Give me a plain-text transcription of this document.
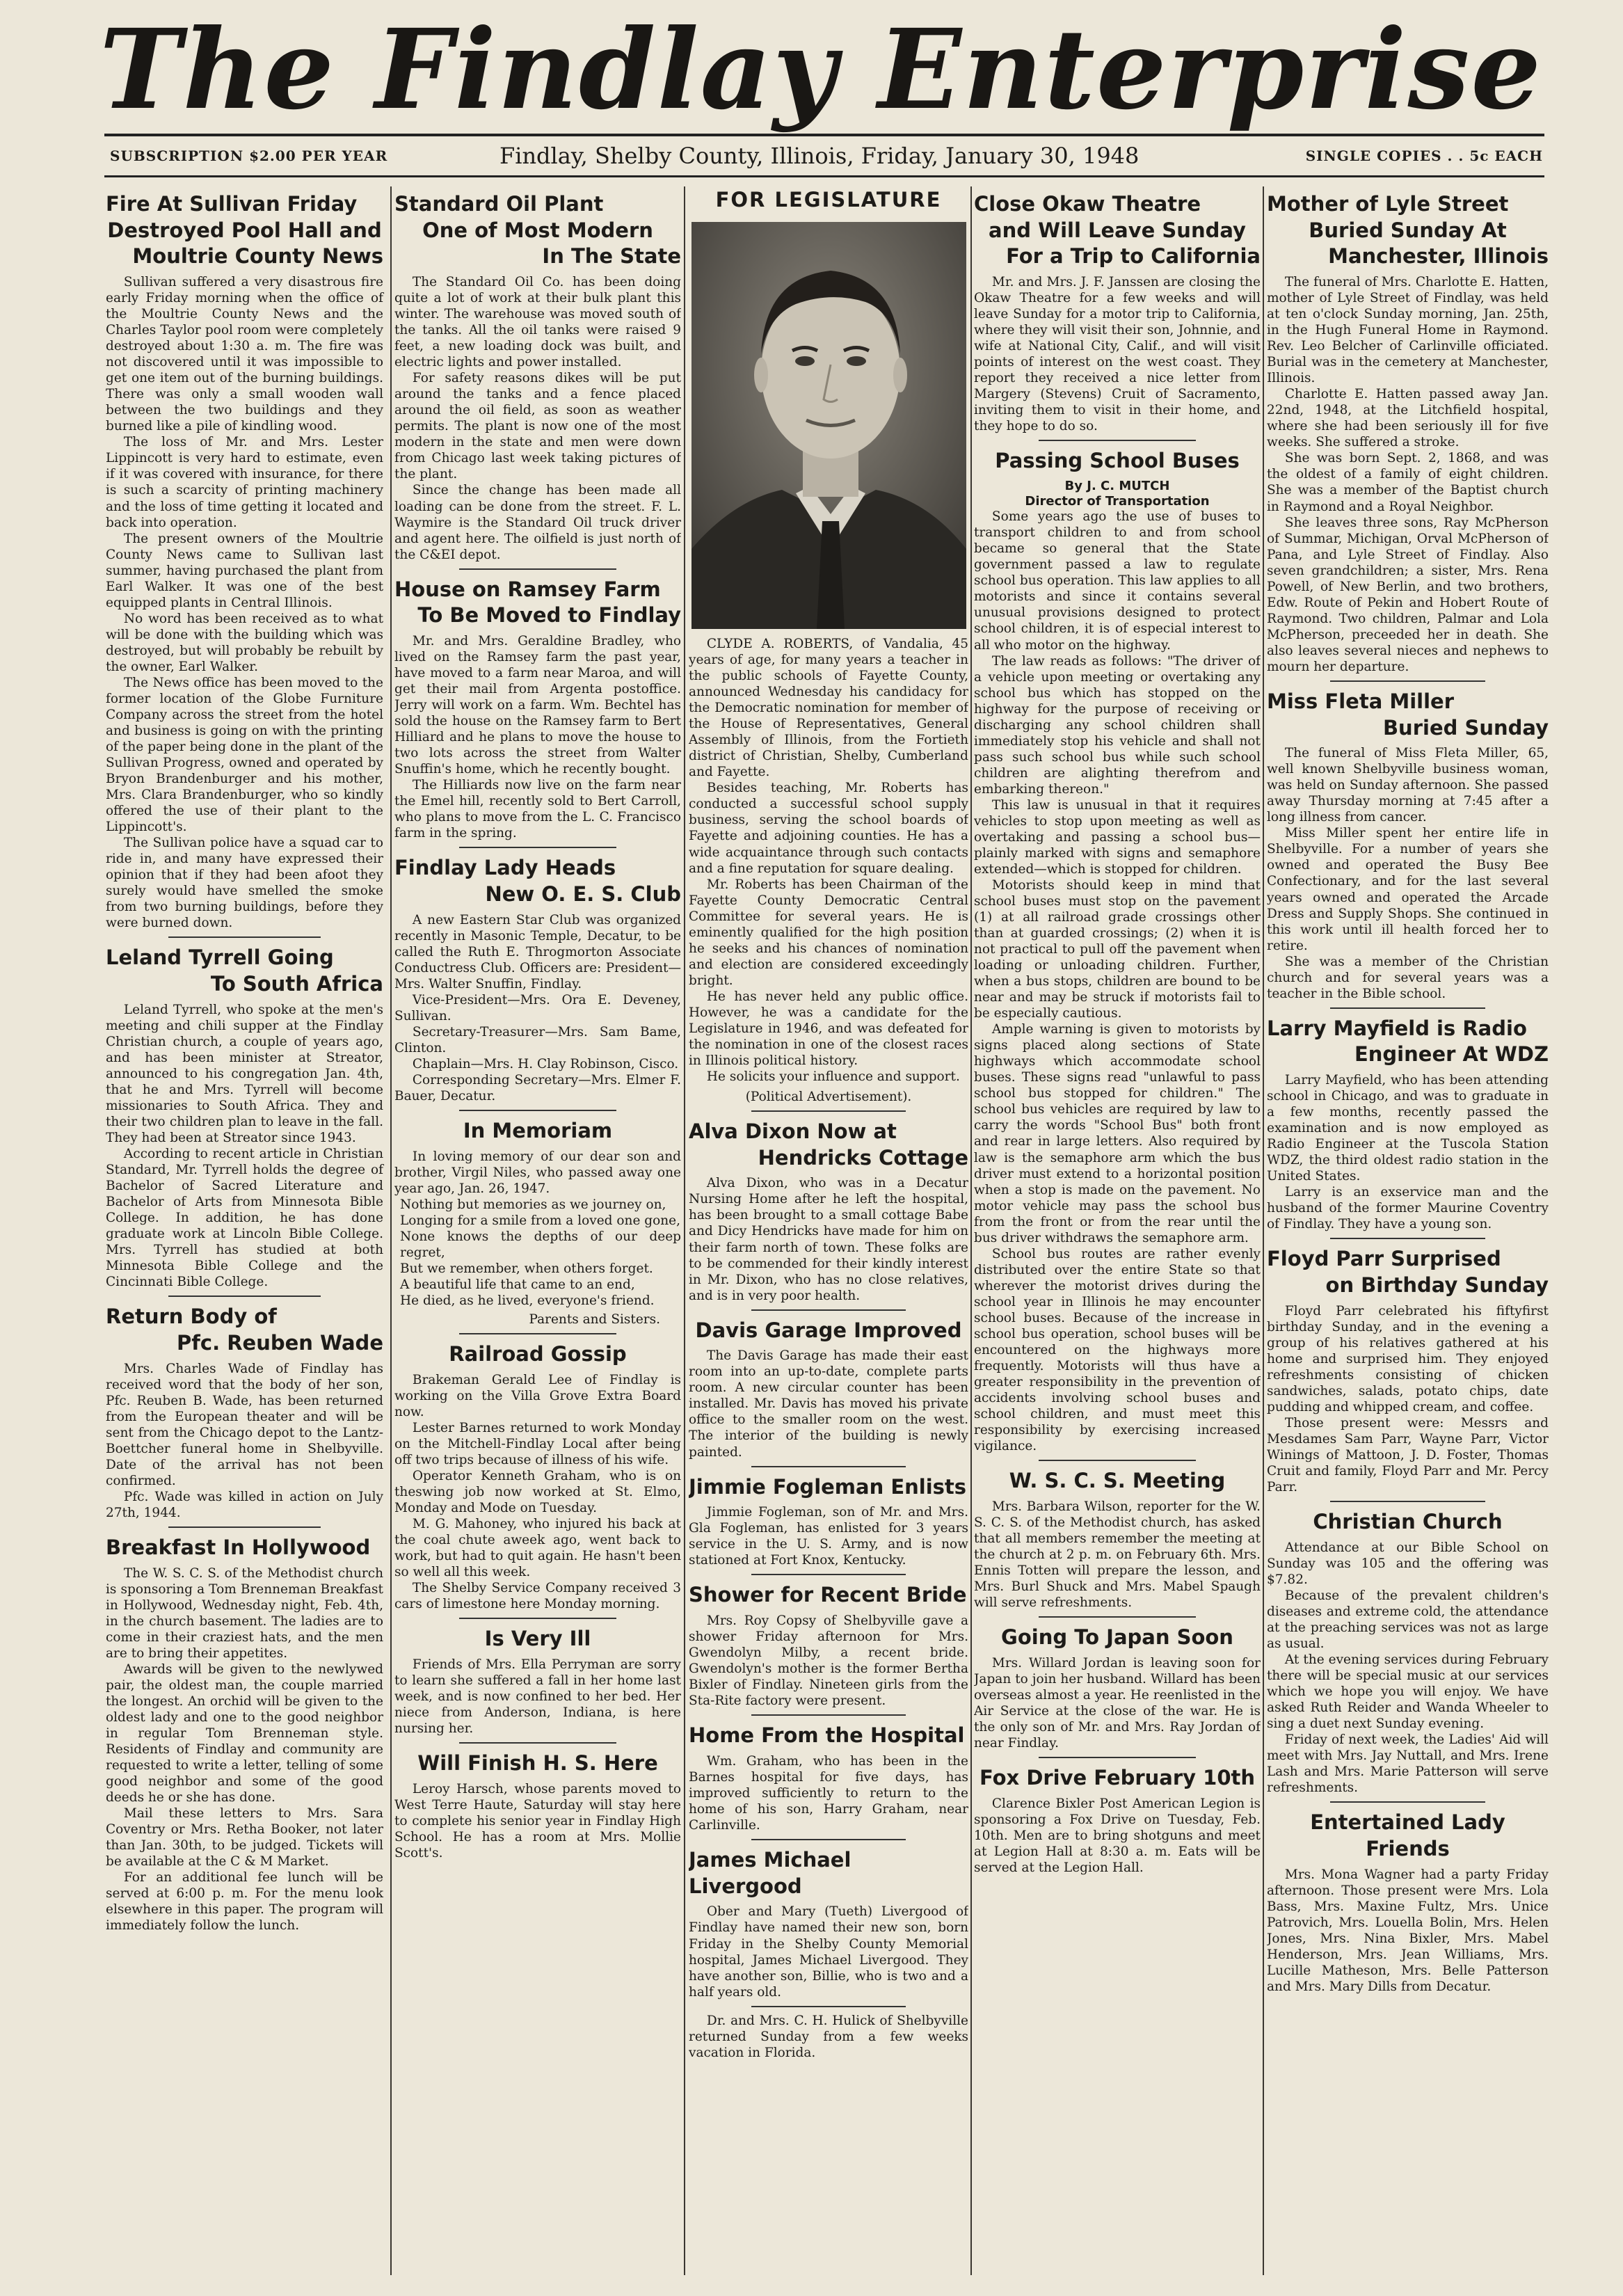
The Findlay Enterprise
SUBSCRIPTION $2.00 PER YEAR	Findlay, Shelby County, Illinois, Friday, January 30, 1948	SINGLE COPIES . . 5c EACH
Fire At Sullivan Friday
Destroyed Pool Hall and
Moultrie County News

Sullivan suffered a very disastrous fire early Friday morning when the office of the Moultrie County News and the Charles Taylor pool room were completely destroyed about 1:30 a. m. The fire was not discovered until it was impossible to get one item out of the burning buildings. There was only a small wooden wall between the two buildings and they burned like a pile of kindling wood.

The loss of Mr. and Mrs. Lester Lippincott is very hard to estimate, even if it was covered with insurance, for there is such a scarcity of printing machinery and the loss of time getting it located and back into operation.

The present owners of the Moultrie County News came to Sullivan last summer, having purchased the plant from Earl Walker. It was one of the best equipped plants in Central Illinois.

No word has been received as to what will be done with the building which was destroyed, but will probably be rebuilt by the owner, Earl Walker.

The News office has been moved to the former location of the Globe Furniture Company across the street from the hotel and business is going on with the printing of the paper being done in the plant of the Sullivan Progress, owned and operated by Bryon Brandenburger and his mother, Mrs. Clara Brandenburger, who so kindly offered the use of their plant to the Lippincott's.

The Sullivan police have a squad car to ride in, and many have expressed their opinion that if they had been afoot they surely would have smelled the smoke from two burning buildings, before they were burned down.

Leland Tyrrell Going
To South Africa

Leland Tyrrell, who spoke at the men's meeting and chili supper at the Findlay Christian church, a couple of years ago, and has been minister at Streator, announced to his congregation Jan. 4th, that he and Mrs. Tyrrell will become missionaries to South Africa. They and their two children plan to leave in the fall. They had been at Streator since 1943.

According to recent article in Christian Standard, Mr. Tyrrell holds the degree of Bachelor of Sacred Literature and Bachelor of Arts from Minnesota Bible College. In addition, he has done graduate work at Lincoln Bible College. Mrs. Tyrrell has studied at both Minnesota Bible College and the Cincinnati Bible College.

Return Body of
Pfc. Reuben Wade

Mrs. Charles Wade of Findlay has received word that the body of her son, Pfc. Reuben B. Wade, has been returned from the European theater and will be sent from the Chicago depot to the Lantz-Boettcher funeral home in Shelbyville. Date of the arrival has not been confirmed.

Pfc. Wade was killed in action on July 27th, 1944.

Breakfast In Hollywood

The W. S. C. S. of the Methodist church is sponsoring a Tom Brenneman Breakfast in Hollywood, Wednesday night, Feb. 4th, in the church basement. The ladies are to come in their craziest hats, and the men are to bring their appetites.

Awards will be given to the newlywed pair, the oldest man, the couple married the longest. An orchid will be given to the oldest lady and one to the good neighbor in regular Tom Brenneman style. Residents of Findlay and community are requested to write a letter, telling of some good neighbor and some of the good deeds he or she has done.

Mail these letters to Mrs. Sara Coventry or Mrs. Retha Booker, not later than Jan. 30th, to be judged. Tickets will be available at the C & M Market.

For an additional fee lunch will be served at 6:00 p. m. For the menu look elsewhere in this paper. The program will immediately follow the lunch.

Standard Oil Plant
One of Most Modern
In The State

The Standard Oil Co. has been doing quite a lot of work at their bulk plant this winter. The warehouse was moved south of the tanks. All the oil tanks were raised 9 feet, a new loading dock was built, and electric lights and power installed.

For safety reasons dikes will be put around the tanks and a fence placed around the oil field, as soon as weather permits. The plant is now one of the most modern in the state and men were down from Chicago last week taking pictures of the plant.

Since the change has been made all loading can be done from the street. F. L. Waymire is the Standard Oil truck driver and agent here. The oilfield is just north of the C&EI depot.

House on Ramsey Farm
To Be Moved to Findlay

Mr. and Mrs. Geraldine Bradley, who lived on the Ramsey farm the past year, have moved to a farm near Maroa, and will get their mail from Argenta postoffice. Jerry will work on a farm. Wm. Bechtel has sold the house on the Ramsey farm to Bert Hilliard and he plans to move the house to two lots across the street from Walter Snuffin's home, which he recently bought.

The Hilliards now live on the farm near the Emel hill, recently sold to Bert Carroll, who plans to move from the L. C. Francisco farm in the spring.

Findlay Lady Heads
New O. E. S. Club

A new Eastern Star Club was organized recently in Masonic Temple, Decatur, to be called the Ruth E. Throgmorton Associate Conductress Club. Officers are: President—Mrs. Walter Snuffin, Findlay.

Vice-President—Mrs. Ora E. Deveney, Sullivan.

Secretary-Treasurer—Mrs. Sam Bame, Clinton.

Chaplain—Mrs. H. Clay Robinson, Cisco.

Corresponding Secretary—Mrs. Elmer F. Bauer, Decatur.

In Memoriam

In loving memory of our dear son and brother, Virgil Niles, who passed away one year ago, Jan. 26, 1947.

Nothing but memories as we journey on,

Longing for a smile from a loved one gone,

None knows the depths of our deep regret,

But we remember, when others forget.

A beautiful life that came to an end,

He died, as he lived, everyone's friend.

Parents and Sisters.
Railroad Gossip

Brakeman Gerald Lee of Findlay is working on the Villa Grove Extra Board now.

Lester Barnes returned to work Monday on the Mitchell-Findlay Local after being off two trips because of illness of his wife.

Operator Kenneth Graham, who is on theswing job now worked at St. Elmo, Monday and Mode on Tuesday.

M. G. Mahoney, who injured his back at the coal chute aweek ago, went back to work, but had to quit again. He hasn't been so well all this week.

The Shelby Service Company received 3 cars of limestone here Monday morning.

Is Very Ill

Friends of Mrs. Ella Perryman are sorry to learn she suffered a fall in her home last week, and is now confined to her bed. Her niece from Anderson, Indiana, is here nursing her.

Will Finish H. S. Here

Leroy Harsch, whose parents moved to West Terre Haute, Saturday will stay here to complete his senior year in Findlay High School. He has a room at Mrs. Mollie Scott's.

FOR LEGISLATURE

CLYDE A. ROBERTS, of Vandalia, 45 years of age, for many years a teacher in the public schools of Fayette County, announced Wednesday his candidacy for the Democratic nomination for member of the House of Representatives, General Assembly of Illinois, from the Fortieth district of Christian, Shelby, Cumberland and Fayette.

Besides teaching, Mr. Roberts has conducted a successful school supply business, serving the school boards of Fayette and adjoining counties. He has a wide acquaintance through such contacts and a fine reputation for square dealing.

Mr. Roberts has been Chairman of the Fayette County Democratic Central Committee for several years. He is eminently qualified for the high position he seeks and his chances of nomination and election are considered exceedingly bright.

He has never held any public office. However, he was a candidate for the Legislature in 1946, and was defeated for the nomination in one of the closest races in Illinois political history.

He solicits your influence and support.

(Political Advertisement).
Alva Dixon Now at
Hendricks Cottage

Alva Dixon, who was in a Decatur Nursing Home after he left the hospital, has been brought to a small cottage Babe and Dicy Hendricks have made for him on their farm north of town. These folks are to be commended for their kindly interest in Mr. Dixon, who has no close relatives, and is in very poor health.

Davis Garage Improved

The Davis Garage has made their east room into an up-to-date, complete parts room. A new circular counter has been installed. Mr. Davis has moved his private office to the smaller room on the west. The interior of the building is newly painted.

Jimmie Fogleman Enlists

Jimmie Fogleman, son of Mr. and Mrs. Gla Fogleman, has enlisted for 3 years service in the U. S. Army, and is now stationed at Fort Knox, Kentucky.

Shower for Recent Bride

Mrs. Roy Copsy of Shelbyville gave a shower Friday afternoon for Mrs. Gwendolyn Milby, a recent bride. Gwendolyn's mother is the former Bertha Bixler of Findlay. Nineteen girls from the Sta-Rite factory were present.

Home From the Hospital

Wm. Graham, who has been in the Barnes hospital for five days, has improved sufficiently to return to the home of his son, Harry Graham, near Carlinville.

James Michael Livergood

Ober and Mary (Tueth) Livergood of Findlay have named their new son, born Friday in the Shelby County Memorial hospital, James Michael Livergood. They have another son, Billie, who is two and a half years old.

Dr. and Mrs. C. H. Hulick of Shelbyville returned Sunday from a few weeks vacation in Florida.

Close Okaw Theatre
and Will Leave Sunday
For a Trip to California

Mr. and Mrs. J. F. Janssen are closing the Okaw Theatre for a few weeks and will leave Sunday for a motor trip to California, where they will visit their son, Johnnie, and wife at National City, Calif., and will visit points of interest on the west coast. They report they received a nice letter from Margery (Stevens) Cruit of Sacramento, inviting them to visit in their home, and they hope to do so.

Passing School Buses
By J. C. MUTCH
Director of Transportation

Some years ago the use of buses to transport children to and from school became so general that the State government passed a law to regulate school bus operation. This law applies to all motorists and since it contains several unusual provisions designed to protect school children, it is of especial interest to all who motor on the highway.

The law reads as follows: "The driver of a vehicle upon meeting or overtaking any school bus which has stopped on the highway for the purpose of receiving or discharging any school children shall immediately stop his vehicle and shall not pass such school bus while such school children are alighting therefrom and embarking thereon."

This law is unusual in that it requires vehicles to stop upon meeting as well as overtaking and passing a school bus—plainly marked with signs and semaphore extended—which is stopped for children.

Motorists should keep in mind that school buses must stop on the pavement (1) at all railroad grade crossings other than at guarded crossings; (2) when it is not practical to pull off the pavement when loading or unloading children. Further, when a bus stops, children are bound to be near and may be struck if motorists fail to be especially cautious.

Ample warning is given to motorists by signs placed along sections of State highways which accommodate school buses. These signs read "unlawful to pass school bus stopped for children." The school bus vehicles are required by law to carry the words "School Bus" both front and rear in large letters. Also required by law is the semaphore arm which the bus driver must extend to a horizontal position when a stop is made on the pavement. No motor vehicle may pass the school bus from the front or from the rear until the bus driver withdraws the semaphore arm.

School bus routes are rather evenly distributed over the entire State so that wherever the motorist drives during the school year in Illinois he may encounter school buses. Because of the increase in school bus operation, school buses will be encountered on the highways more frequently. Motorists will thus have a greater responsibility in the prevention of accidents involving school buses and school children, and must meet this responsibility by exercising increased vigilance.

W. S. C. S. Meeting

Mrs. Barbara Wilson, reporter for the W. S. C. S. of the Methodist church, has asked that all members remember the meeting at the church at 2 p. m. on February 6th. Mrs. Ennis Totten will prepare the lesson, and Mrs. Burl Shuck and Mrs. Mabel Spaugh will serve refreshments.

Going To Japan Soon

Mrs. Willard Jordan is leaving soon for Japan to join her husband. Willard has been overseas almost a year. He reenlisted in the Air Service at the close of the war. He is the only son of Mr. and Mrs. Ray Jordan of near Findlay.

Fox Drive February 10th

Clarence Bixler Post American Legion is sponsoring a Fox Drive on Tuesday, Feb. 10th. Men are to bring shotguns and meet at Legion Hall at 8:30 a. m. Eats will be served at the Legion Hall.

Mother of Lyle Street
Buried Sunday At
Manchester, Illinois

The funeral of Mrs. Charlotte E. Hatten, mother of Lyle Street of Findlay, was held at ten o'clock Sunday morning, Jan. 25th, in the Hugh Funeral Home in Raymond. Rev. Leo Belcher of Carlinville officiated. Burial was in the cemetery at Manchester, Illinois.

Charlotte E. Hatten passed away Jan. 22nd, 1948, at the Litchfield hospital, where she had been seriously ill for five weeks. She suffered a stroke.

She was born Sept. 2, 1868, and was the oldest of a family of eight children. She was a member of the Baptist church in Raymond and a Royal Neighbor.

She leaves three sons, Ray McPherson of Summar, Michigan, Orval McPherson of Pana, and Lyle Street of Findlay. Also seven grandchildren; a sister, Mrs. Rena Powell, of New Berlin, and two brothers, Edw. Route of Pekin and Hobert Route of Raymond. Two children, Palmar and Lola McPherson, preceeded her in death. She also leaves several nieces and nephews to mourn her departure.

Miss Fleta Miller
Buried Sunday

The funeral of Miss Fleta Miller, 65, well known Shelbyville business woman, was held on Sunday afternoon. She passed away Thursday morning at 7:45 after a long illness from cancer.

Miss Miller spent her entire life in Shelbyville. For a number of years she owned and operated the Busy Bee Confectionary, and for the last several years owned and operated the Arcade Dress and Supply Shops. She continued in this work until ill health forced her to retire.

She was a member of the Christian church and for several years was a teacher in the Bible school.

Larry Mayfield is Radio
Engineer At WDZ

Larry Mayfield, who has been attending school in Chicago, and was to graduate in a few months, recently passed the examination and is now employed as Radio Engineer at the Tuscola Station WDZ, the third oldest radio station in the United States.

Larry is an exservice man and the husband of the former Maurine Coventry of Findlay. They have a young son.

Floyd Parr Surprised
on Birthday Sunday

Floyd Parr celebrated his fiftyfirst birthday Sunday, and in the evening a group of his relatives gathered at his home and surprised him. They enjoyed refreshments consisting of chicken sandwiches, salads, potato chips, date pudding and whipped cream, and coffee.

Those present were: Messrs and Mesdames Sam Parr, Wayne Parr, Victor Winings of Mattoon, J. D. Foster, Thomas Cruit and family, Floyd Parr and Mr. Percy Parr.

Christian Church

Attendance at our Bible School on Sunday was 105 and the offering was $7.82.

Because of the prevalent children's diseases and extreme cold, the attendance at the preaching services was not as large as usual.

At the evening services during February there will be special music at our services which we hope you will enjoy. We have asked Ruth Reider and Wanda Wheeler to sing a duet next Sunday evening.

Friday of next week, the Ladies' Aid will meet with Mrs. Jay Nuttall, and Mrs. Irene Lash and Mrs. Marie Patterson will serve refreshments.

Entertained Lady Friends

Mrs. Mona Wagner had a party Friday afternoon. Those present were Mrs. Lola Bass, Mrs. Maxine Fultz, Mrs. Unice Patrovich, Mrs. Louella Bolin, Mrs. Helen Jones, Mrs. Nina Bixler, Mrs. Mabel Henderson, Mrs. Jean Williams, Mrs. Lucille Matheson, Mrs. Belle Patterson and Mrs. Mary Dills from Decatur.
